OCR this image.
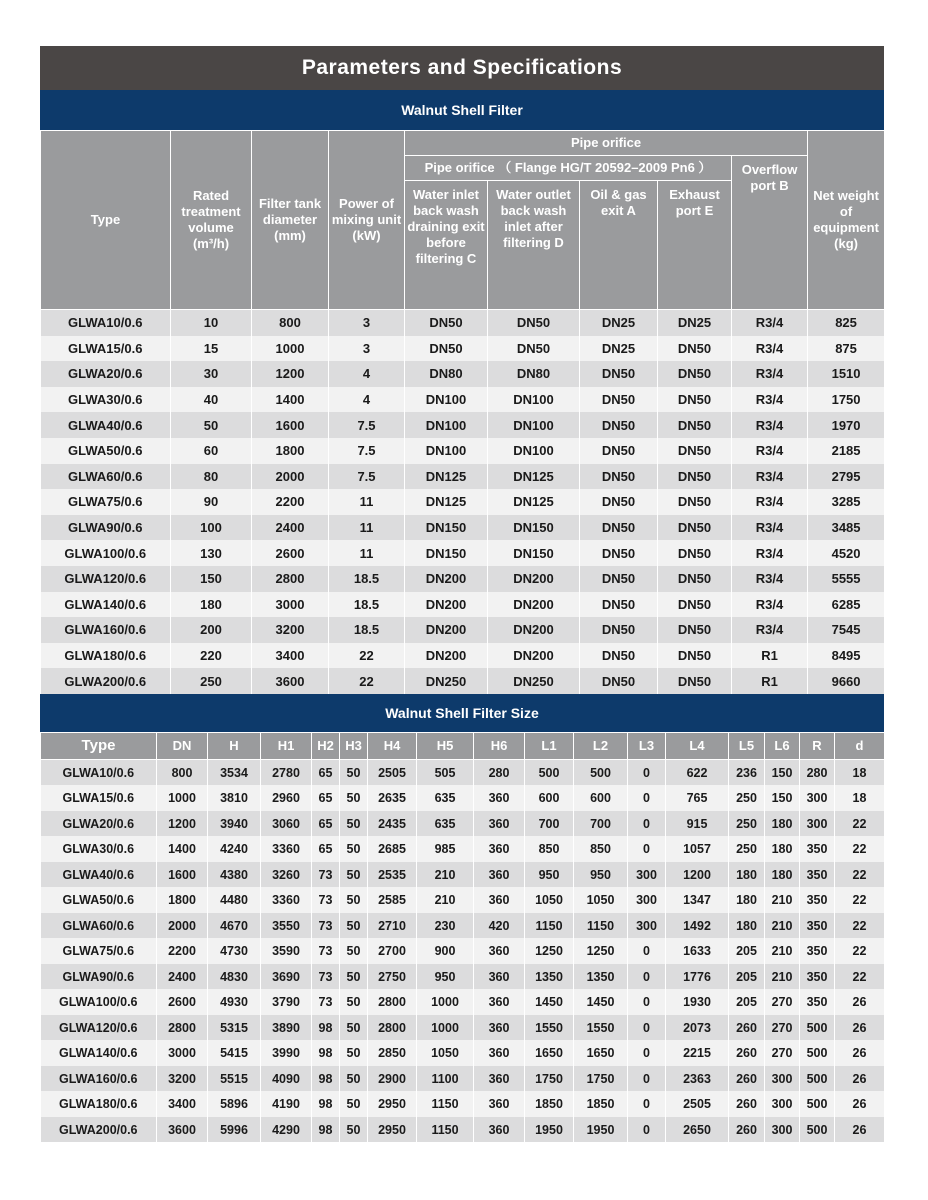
Parameters and Specifications
Walnut Shell Filter
Type	Rated treatment volume (m³/h)	Filter tank diameter (mm)	Power of mixing unit (kW)	Pipe orifice					Net weight of equipment (kg)
				Pipe orifice （ Flange HG/T 20592–2009 Pn6 ）				Overflow port B	
				Water inlet back wash draining exit before filtering C	Water outlet back wash inlet after filtering D	Oil & gas exit A	Exhaust port E		
GLWA10/0.6	10	800	3	DN50	DN50	DN25	DN25	R3/4	825
GLWA15/0.6	15	1000	3	DN50	DN50	DN25	DN50	R3/4	875
GLWA20/0.6	30	1200	4	DN80	DN80	DN50	DN50	R3/4	1510
GLWA30/0.6	40	1400	4	DN100	DN100	DN50	DN50	R3/4	1750
GLWA40/0.6	50	1600	7.5	DN100	DN100	DN50	DN50	R3/4	1970
GLWA50/0.6	60	1800	7.5	DN100	DN100	DN50	DN50	R3/4	2185
GLWA60/0.6	80	2000	7.5	DN125	DN125	DN50	DN50	R3/4	2795
GLWA75/0.6	90	2200	11	DN125	DN125	DN50	DN50	R3/4	3285
GLWA90/0.6	100	2400	11	DN150	DN150	DN50	DN50	R3/4	3485
GLWA100/0.6	130	2600	11	DN150	DN150	DN50	DN50	R3/4	4520
GLWA120/0.6	150	2800	18.5	DN200	DN200	DN50	DN50	R3/4	5555
GLWA140/0.6	180	3000	18.5	DN200	DN200	DN50	DN50	R3/4	6285
GLWA160/0.6	200	3200	18.5	DN200	DN200	DN50	DN50	R3/4	7545
GLWA180/0.6	220	3400	22	DN200	DN200	DN50	DN50	R1	8495
GLWA200/0.6	250	3600	22	DN250	DN250	DN50	DN50	R1	9660
Walnut Shell Filter Size
Type	DN	H	H1	H2	H3	H4	H5	H6	L1	L2	L3	L4	L5	L6	R	d
GLWA10/0.6	800	3534	2780	65	50	2505	505	280	500	500	0	622	236	150	280	18
GLWA15/0.6	1000	3810	2960	65	50	2635	635	360	600	600	0	765	250	150	300	18
GLWA20/0.6	1200	3940	3060	65	50	2435	635	360	700	700	0	915	250	180	300	22
GLWA30/0.6	1400	4240	3360	65	50	2685	985	360	850	850	0	1057	250	180	350	22
GLWA40/0.6	1600	4380	3260	73	50	2535	210	360	950	950	300	1200	180	180	350	22
GLWA50/0.6	1800	4480	3360	73	50	2585	210	360	1050	1050	300	1347	180	210	350	22
GLWA60/0.6	2000	4670	3550	73	50	2710	230	420	1150	1150	300	1492	180	210	350	22
GLWA75/0.6	2200	4730	3590	73	50	2700	900	360	1250	1250	0	1633	205	210	350	22
GLWA90/0.6	2400	4830	3690	73	50	2750	950	360	1350	1350	0	1776	205	210	350	22
GLWA100/0.6	2600	4930	3790	73	50	2800	1000	360	1450	1450	0	1930	205	270	350	26
GLWA120/0.6	2800	5315	3890	98	50	2800	1000	360	1550	1550	0	2073	260	270	500	26
GLWA140/0.6	3000	5415	3990	98	50	2850	1050	360	1650	1650	0	2215	260	270	500	26
GLWA160/0.6	3200	5515	4090	98	50	2900	1100	360	1750	1750	0	2363	260	300	500	26
GLWA180/0.6	3400	5896	4190	98	50	2950	1150	360	1850	1850	0	2505	260	300	500	26
GLWA200/0.6	3600	5996	4290	98	50	2950	1150	360	1950	1950	0	2650	260	300	500	26
